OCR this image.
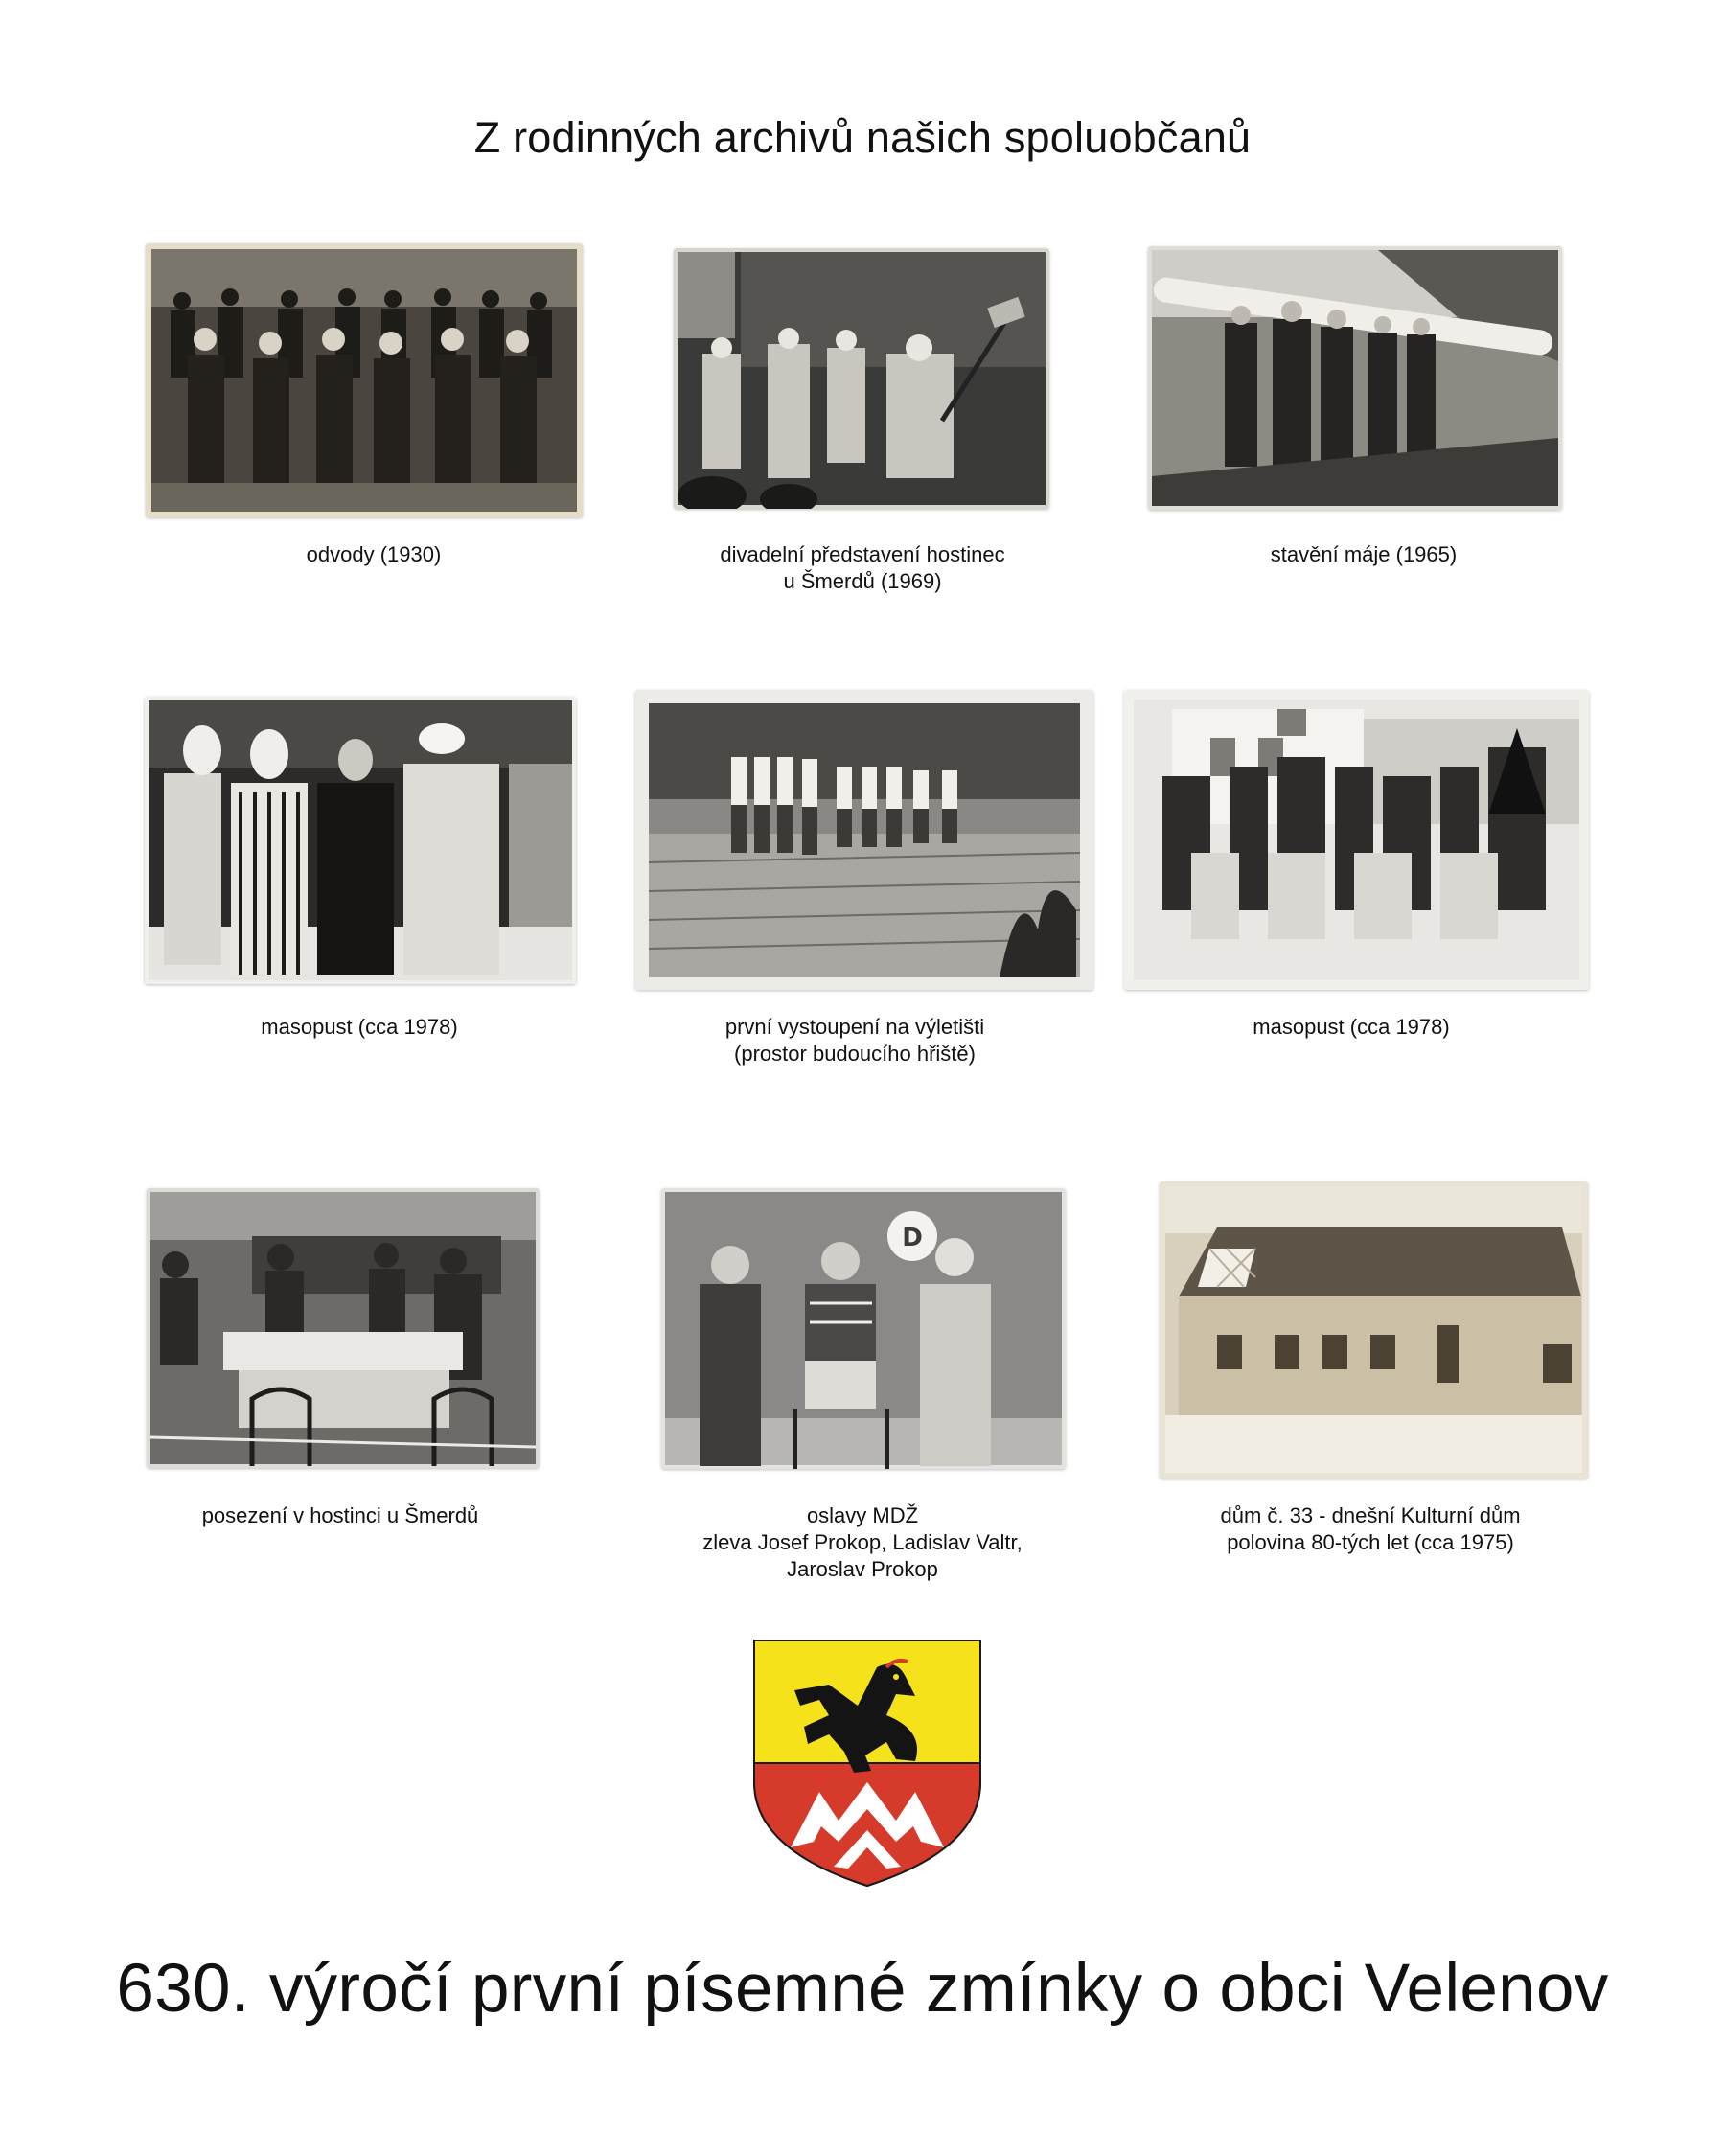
Z rodinných archivů našich spoluobčanů
odvody (1930)	divadelní představení hostinec
u Šmerdů (1969)
stavění máje (1965)
masopust (cca 1978)	první vystoupení na výletišti
(prostor budoucího hřiště)
masopust (cca 1978)
posezení v hostinci u Šmerdů
D
oslavy MDŽ
zleva Josef Prokop, Ladislav Valtr,
Jaroslav Prokop
dům č. 33 - dnešní Kulturní dům
polovina 80-tých let (cca 1975)
630. výročí první písemné zmínky o obci Velenov
